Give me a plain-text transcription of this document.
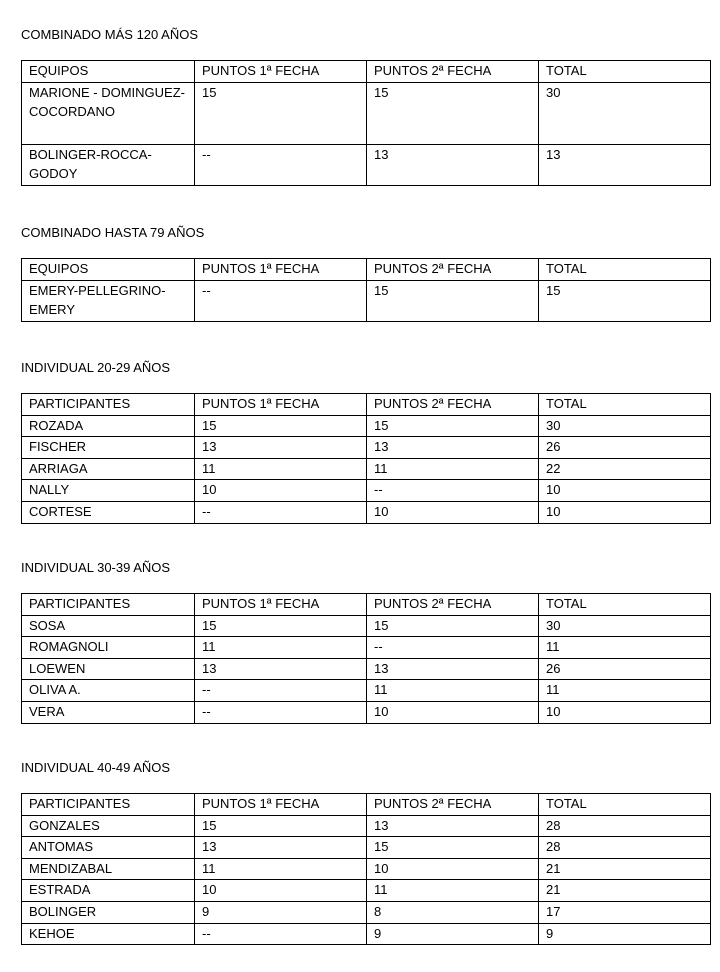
COMBINADO MÁS 120 AÑOS
EQUIPOS	PUNTOS 1ª FECHA	PUNTOS 2ª FECHA	TOTAL
MARIONE - DOMINGUEZ- COCORDANO	15	15	30
BOLINGER-ROCCA- GODOY	--	13	13
COMBINADO HASTA 79 AÑOS
EQUIPOS	PUNTOS 1ª FECHA	PUNTOS 2ª FECHA	TOTAL
EMERY-PELLEGRINO- EMERY	--	15	15
INDIVIDUAL 20-29 AÑOS
PARTICIPANTES	PUNTOS 1ª FECHA	PUNTOS 2ª FECHA	TOTAL
ROZADA	15	15	30
FISCHER	13	13	26
ARRIAGA	11	11	22
NALLY	10	--	10
CORTESE	--	10	10
INDIVIDUAL 30-39 AÑOS
PARTICIPANTES	PUNTOS 1ª FECHA	PUNTOS 2ª FECHA	TOTAL
SOSA	15	15	30
ROMAGNOLI	11	--	11
LOEWEN	13	13	26
OLIVA A.	--	11	11
VERA	--	10	10
INDIVIDUAL 40-49 AÑOS
PARTICIPANTES	PUNTOS 1ª FECHA	PUNTOS 2ª FECHA	TOTAL
GONZALES	15	13	28
ANTOMAS	13	15	28
MENDIZABAL	11	10	21
ESTRADA	10	11	21
BOLINGER	9	8	17
KEHOE	--	9	9
